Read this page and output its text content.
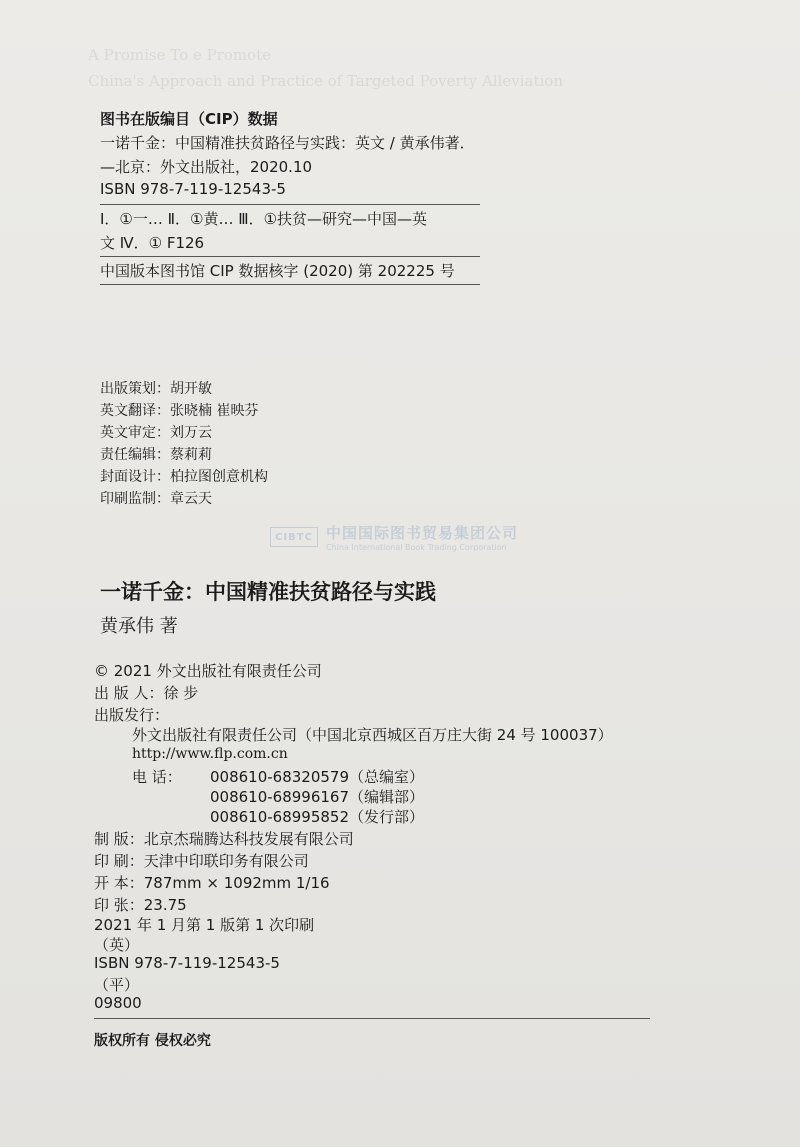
A Promise To e Promote
China's Approach and Practice of Targeted Poverty Alleviation
图书在版编目（CIP）数据
一诺千金：中国精准扶贫路径与实践：英文 / 黄承伟著．
—北京：外文出版社，2020.10
ISBN 978-7-119-12543-5
Ⅰ．①一… Ⅱ．①黄… Ⅲ．①扶贫—研究—中国—英
文 Ⅳ．① F126
中国版本图书馆 CIP 数据核字 (2020) 第 202225 号
出版策划：胡开敏
英文翻译：张晓楠 崔映芬
英文审定：刘万云
责任编辑：蔡莉莉
封面设计：柏拉图创意机构
印刷监制：章云天
CIBTC 中国国际图书贸易集团公司
China International Book Trading Corporation
一诺千金：中国精准扶贫路径与实践
黄承伟 著
© 2021 外文出版社有限责任公司
出 版 人：徐 步
出版发行：
外文出版社有限责任公司（中国北京西城区百万庄大街 24 号 100037）
http://www.flp.com.cn
电 话： 008610-68320579（总编室）
008610-68996167（编辑部）
008610-68995852（发行部）
制 版：北京杰瑞腾达科技发展有限公司
印 刷：天津中印联印务有限公司
开 本：787mm × 1092mm 1/16
印 张：23.75
2021 年 1 月第 1 版第 1 次印刷
（英）
ISBN 978-7-119-12543-5
（平）
09800
版权所有 侵权必究
